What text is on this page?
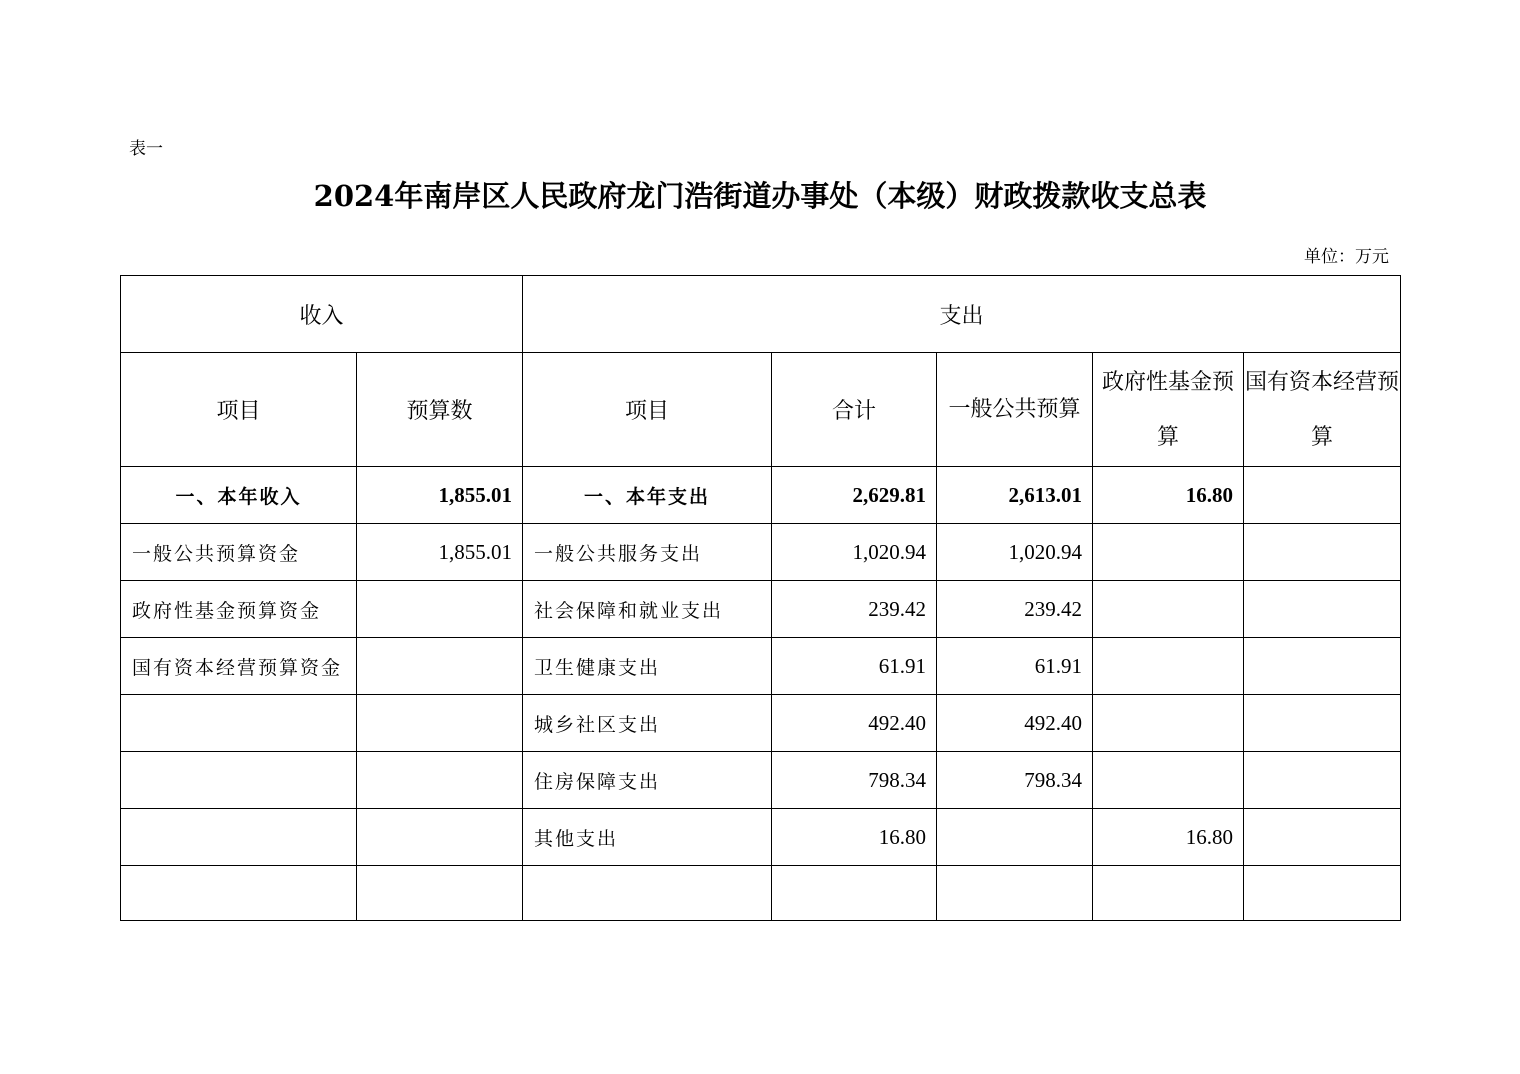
表一
2024年南岸区人民政府龙门浩街道办事处（本级）财政拨款收支总表
单位：万元
收入		支出				
项目	预算数	项目	合计	一般公共预算	政府性基金预算	国有资本经营预算
一、本年收入	1,855.01	一、本年支出	2,629.81	2,613.01	16.80	
一般公共预算资金	1,855.01	一般公共服务支出	1,020.94	1,020.94		
政府性基金预算资金		社会保障和就业支出	239.42	239.42		
国有资本经营预算资金		卫生健康支出	61.91	61.91		
		城乡社区支出	492.40	492.40		
		住房保障支出	798.34	798.34		
		其他支出	16.80		16.80	
